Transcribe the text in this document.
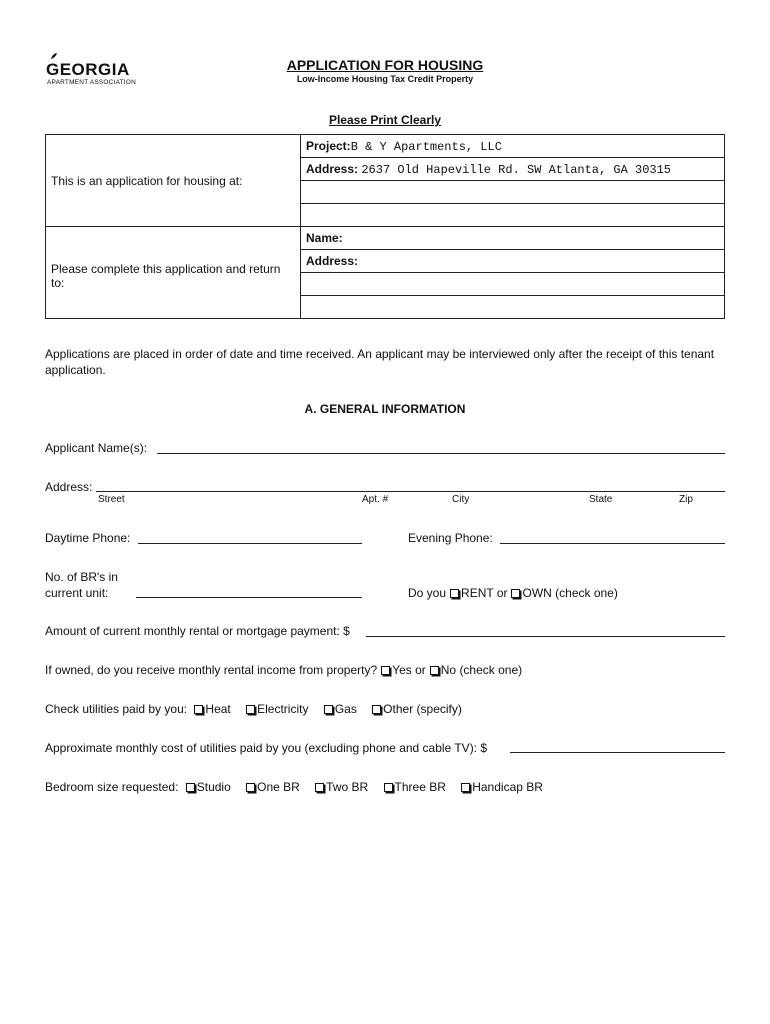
GEORGIA
APARTMENT ASSOCIATION
APPLICATION FOR HOUSING
Low-Income Housing Tax Credit Property
Please Print Clearly
This is an application for housing at:	Project:B & Y Apartments, LLC
	Address: 2637 Old Hapeville Rd. SW Atlanta, GA 30315

Please complete this application and return to:	Name:
	Address:

Applications are placed in order of date and time received. An applicant may be interviewed only after the receipt of this tenant application.
A. GENERAL INFORMATION
Applicant Name(s):
Address:
Street	Apt. #	City	State	Zip
Daytime Phone:	Evening Phone:
No. of BR's in
current unit:	Do you RENT or OWN (check one)
Amount of current monthly rental or mortgage payment: $
If owned, do you receive monthly rental income from property? Yes or No (check one)
Check utilities paid by you: Heat Electricity Gas Other (specify)
Approximate monthly cost of utilities paid by you (excluding phone and cable TV): $
Bedroom size requested: Studio One BR Two BR Three BR Handicap BR
